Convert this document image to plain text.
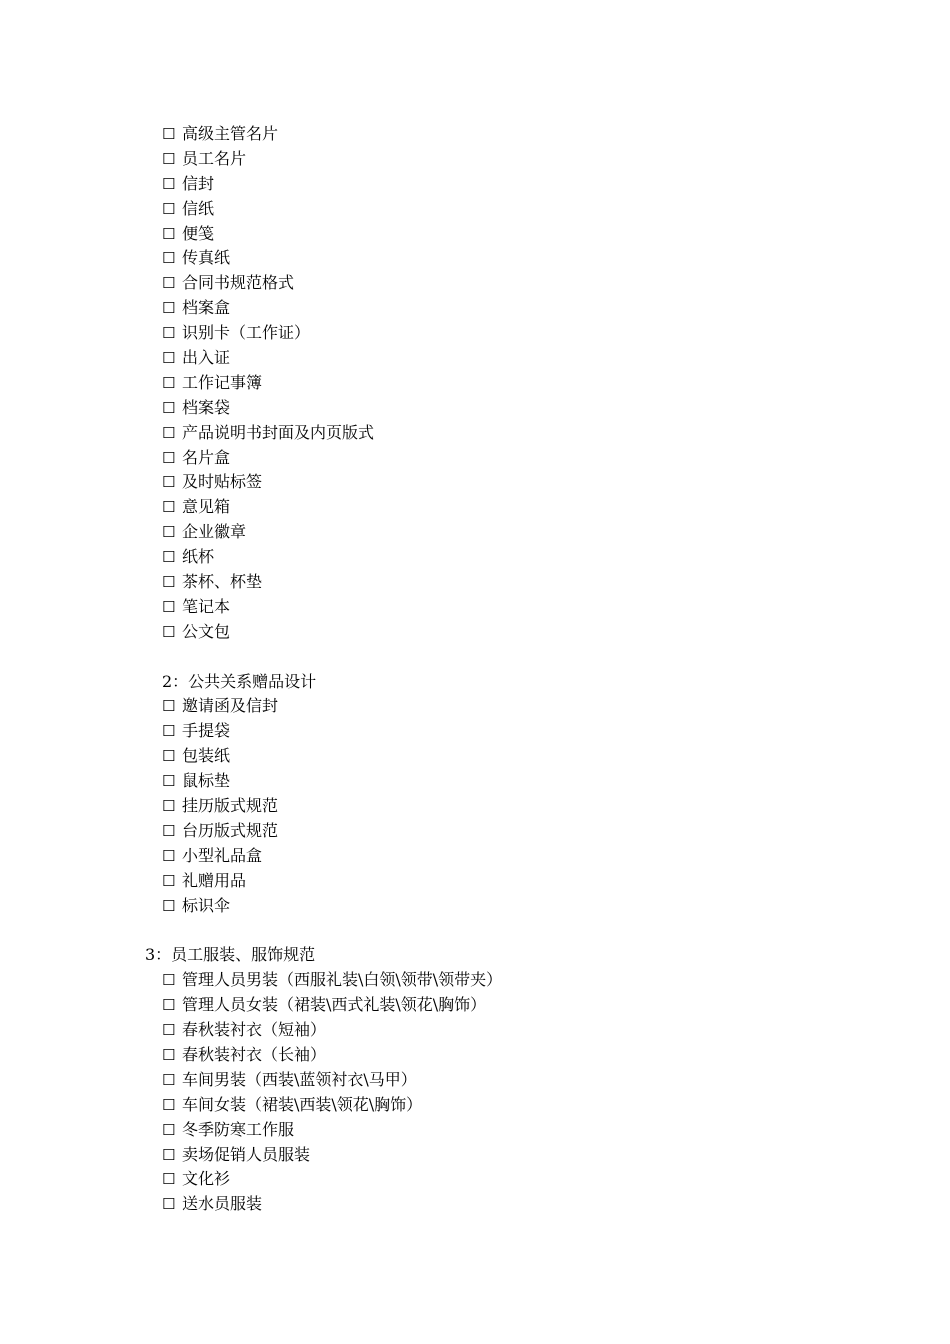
☐ 高级主管名片
☐ 员工名片
☐ 信封
☐ 信纸
☐ 便笺
☐ 传真纸
☐ 合同书规范格式
☐ 档案盒
☐ 识别卡（工作证）
☐ 出入证
☐ 工作记事簿
☐ 档案袋
☐ 产品说明书封面及内页版式
☐ 名片盒
☐ 及时贴标签
☐ 意见箱
☐ 企业徽章
☐ 纸杯
☐ 茶杯、杯垫
☐ 笔记本
☐ 公文包
2：公共关系赠品设计
☐ 邀请函及信封
☐ 手提袋
☐ 包装纸
☐ 鼠标垫
☐ 挂历版式规范
☐ 台历版式规范
☐ 小型礼品盒
☐ 礼赠用品
☐ 标识伞
3：员工服装、服饰规范
☐ 管理人员男装（西服礼装\白领\领带\领带夹）
☐ 管理人员女装（裙装\西式礼装\领花\胸饰）
☐ 春秋装衬衣（短袖）
☐ 春秋装衬衣（长袖）
☐ 车间男装（西装\蓝领衬衣\马甲）
☐ 车间女装（裙装\西装\领花\胸饰）
☐ 冬季防寒工作服
☐ 卖场促销人员服装
☐ 文化衫
☐ 送水员服装
